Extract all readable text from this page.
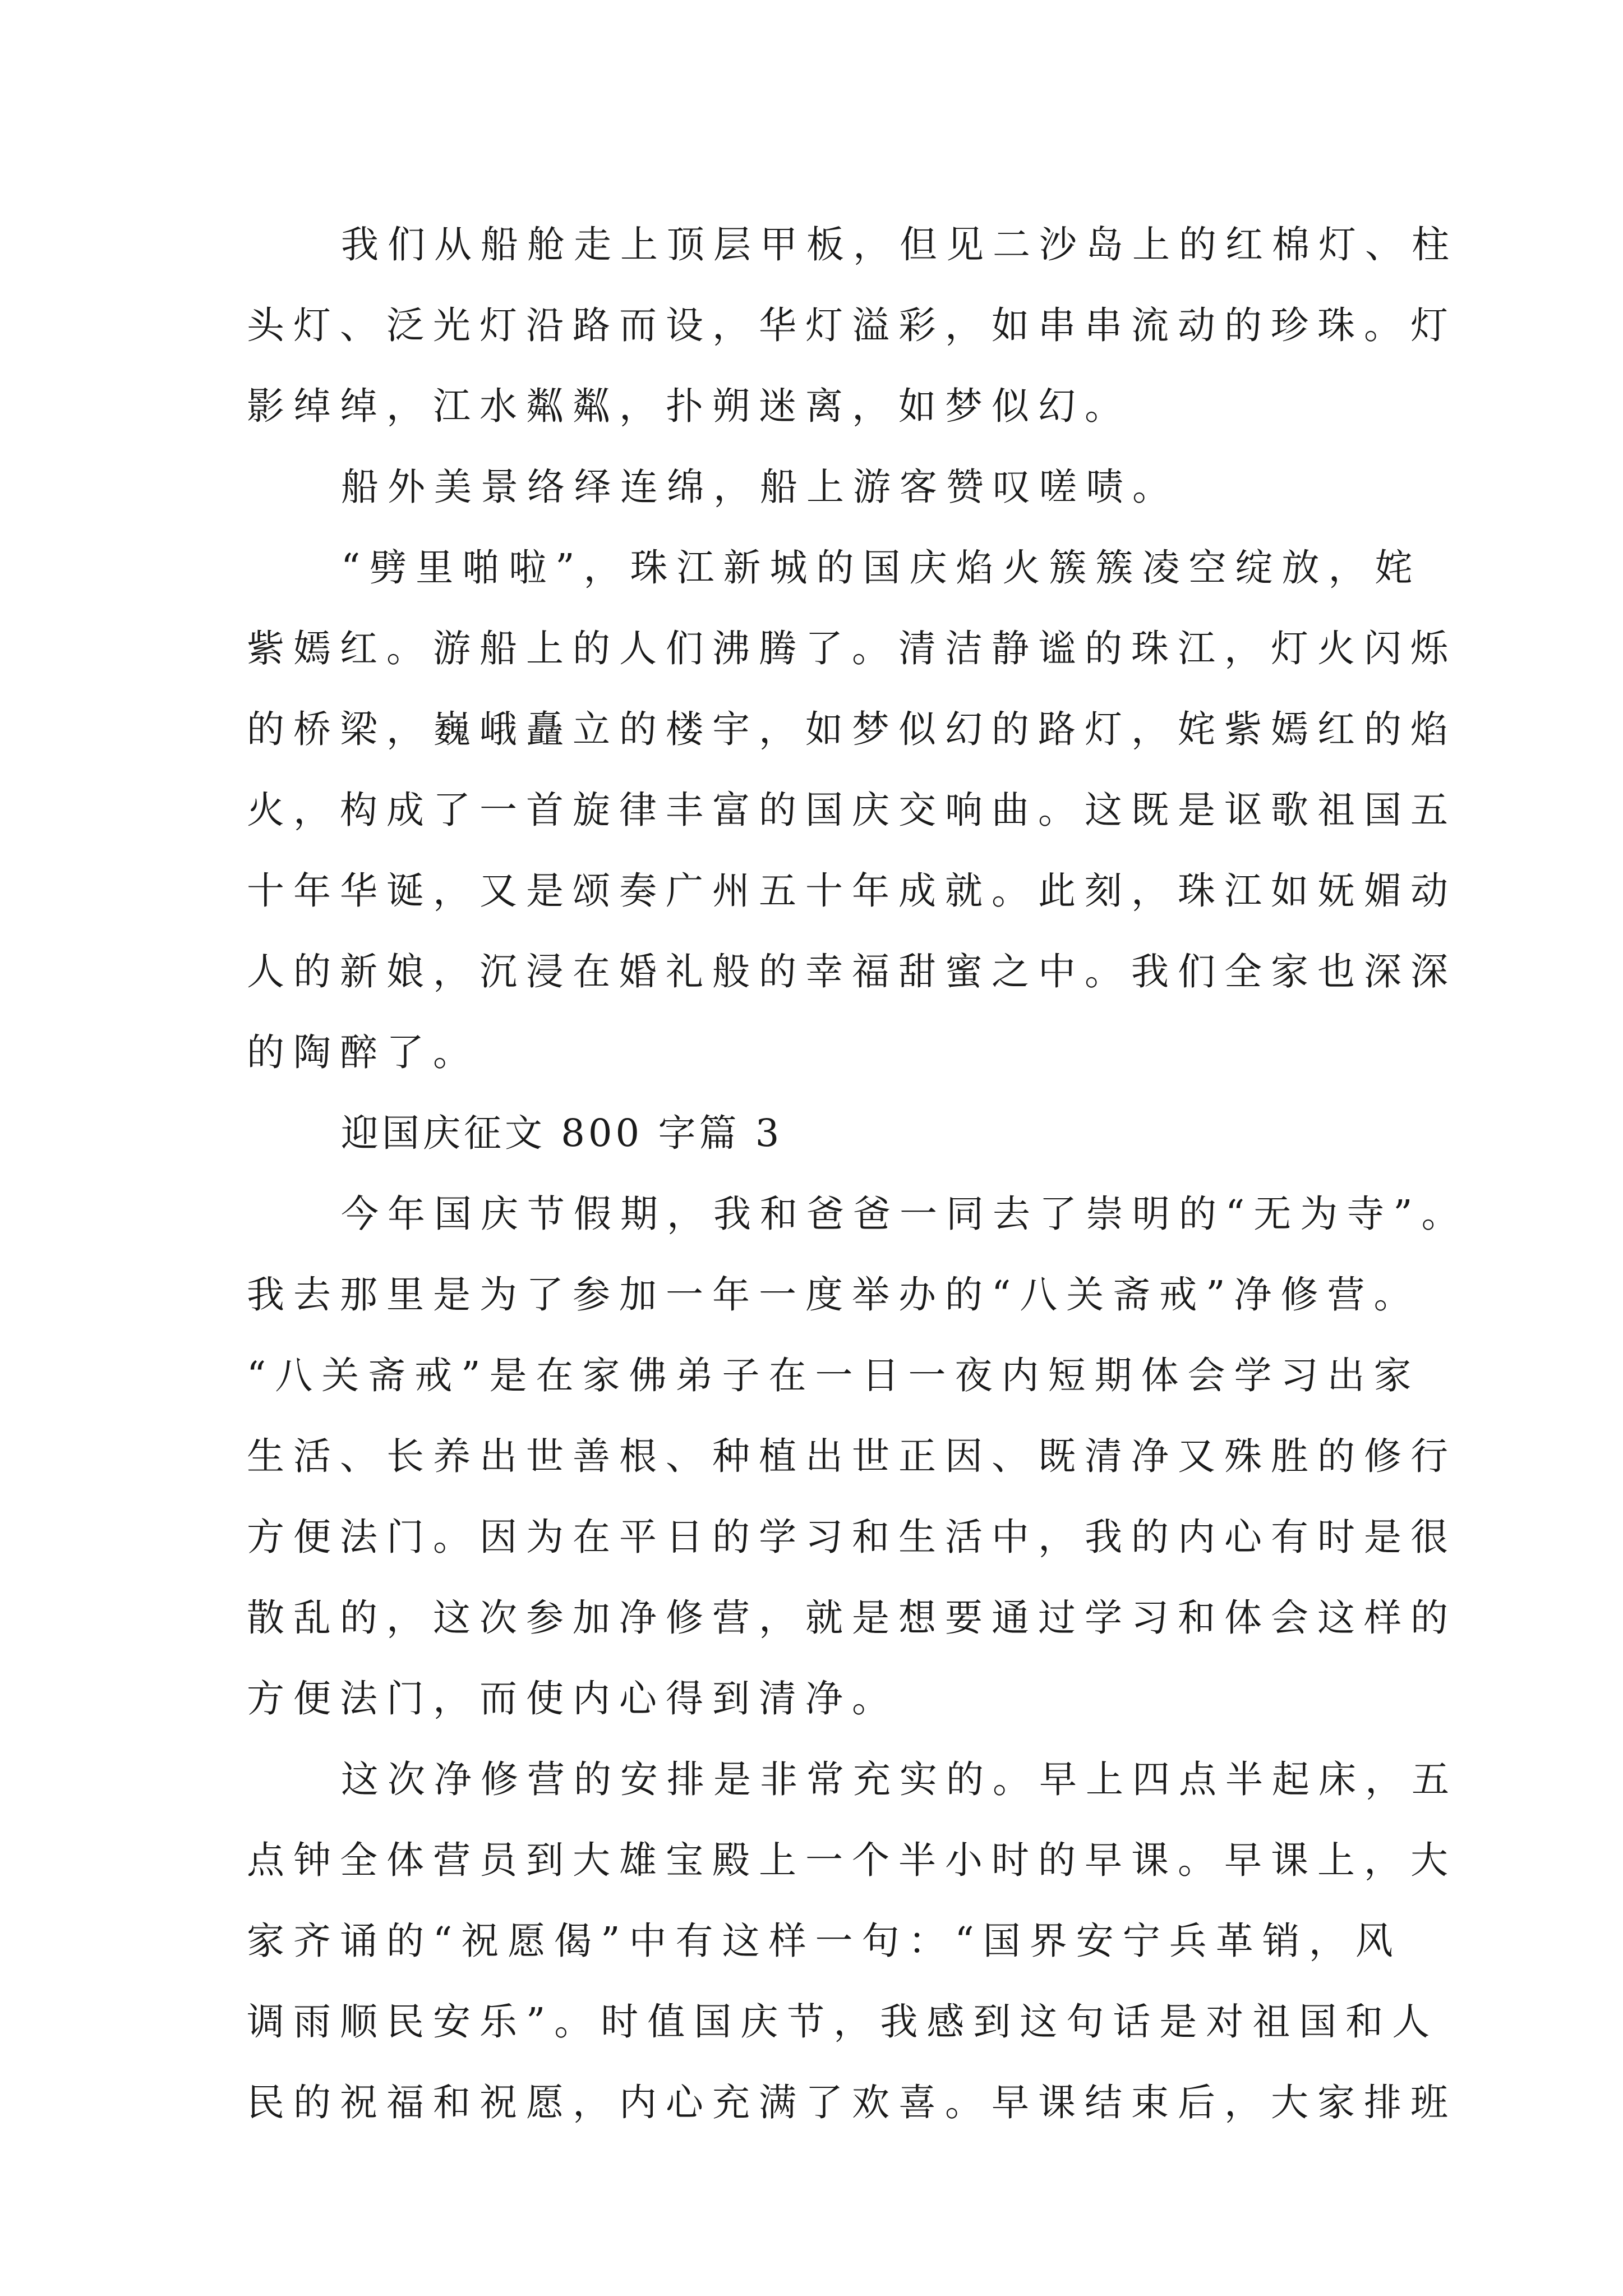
我们从船舱走上顶层甲板，但见二沙岛上的红棉灯、柱
头灯、泛光灯沿路而设，华灯溢彩，如串串流动的珍珠。灯
影绰绰，江水粼粼，扑朔迷离，如梦似幻。
船外美景络绎连绵，船上游客赞叹嗟啧。
“劈里啪啦”，珠江新城的国庆焰火簇簇凌空绽放，姹
紫嫣红。游船上的人们沸腾了。清洁静谧的珠江，灯火闪烁
的桥梁，巍峨矗立的楼宇，如梦似幻的路灯，姹紫嫣红的焰
火，构成了一首旋律丰富的国庆交响曲。这既是讴歌祖国五
十年华诞，又是颂奏广州五十年成就。此刻，珠江如妩媚动
人的新娘，沉浸在婚礼般的幸福甜蜜之中。我们全家也深深
的陶醉了。
迎国庆征文 800 字篇 3
今年国庆节假期，我和爸爸一同去了崇明的“无为寺”。
我去那里是为了参加一年一度举办的“八关斋戒”净修营。
“八关斋戒”是在家佛弟子在一日一夜内短期体会学习出家
生活、长养出世善根、种植出世正因、既清净又殊胜的修行
方便法门。因为在平日的学习和生活中，我的内心有时是很
散乱的，这次参加净修营，就是想要通过学习和体会这样的
方便法门，而使内心得到清净。
这次净修营的安排是非常充实的。早上四点半起床，五
点钟全体营员到大雄宝殿上一个半小时的早课。早课上，大
家齐诵的“祝愿偈”中有这样一句：“国界安宁兵革销，风
调雨顺民安乐”。时值国庆节，我感到这句话是对祖国和人
民的祝福和祝愿，内心充满了欢喜。早课结束后，大家排班
